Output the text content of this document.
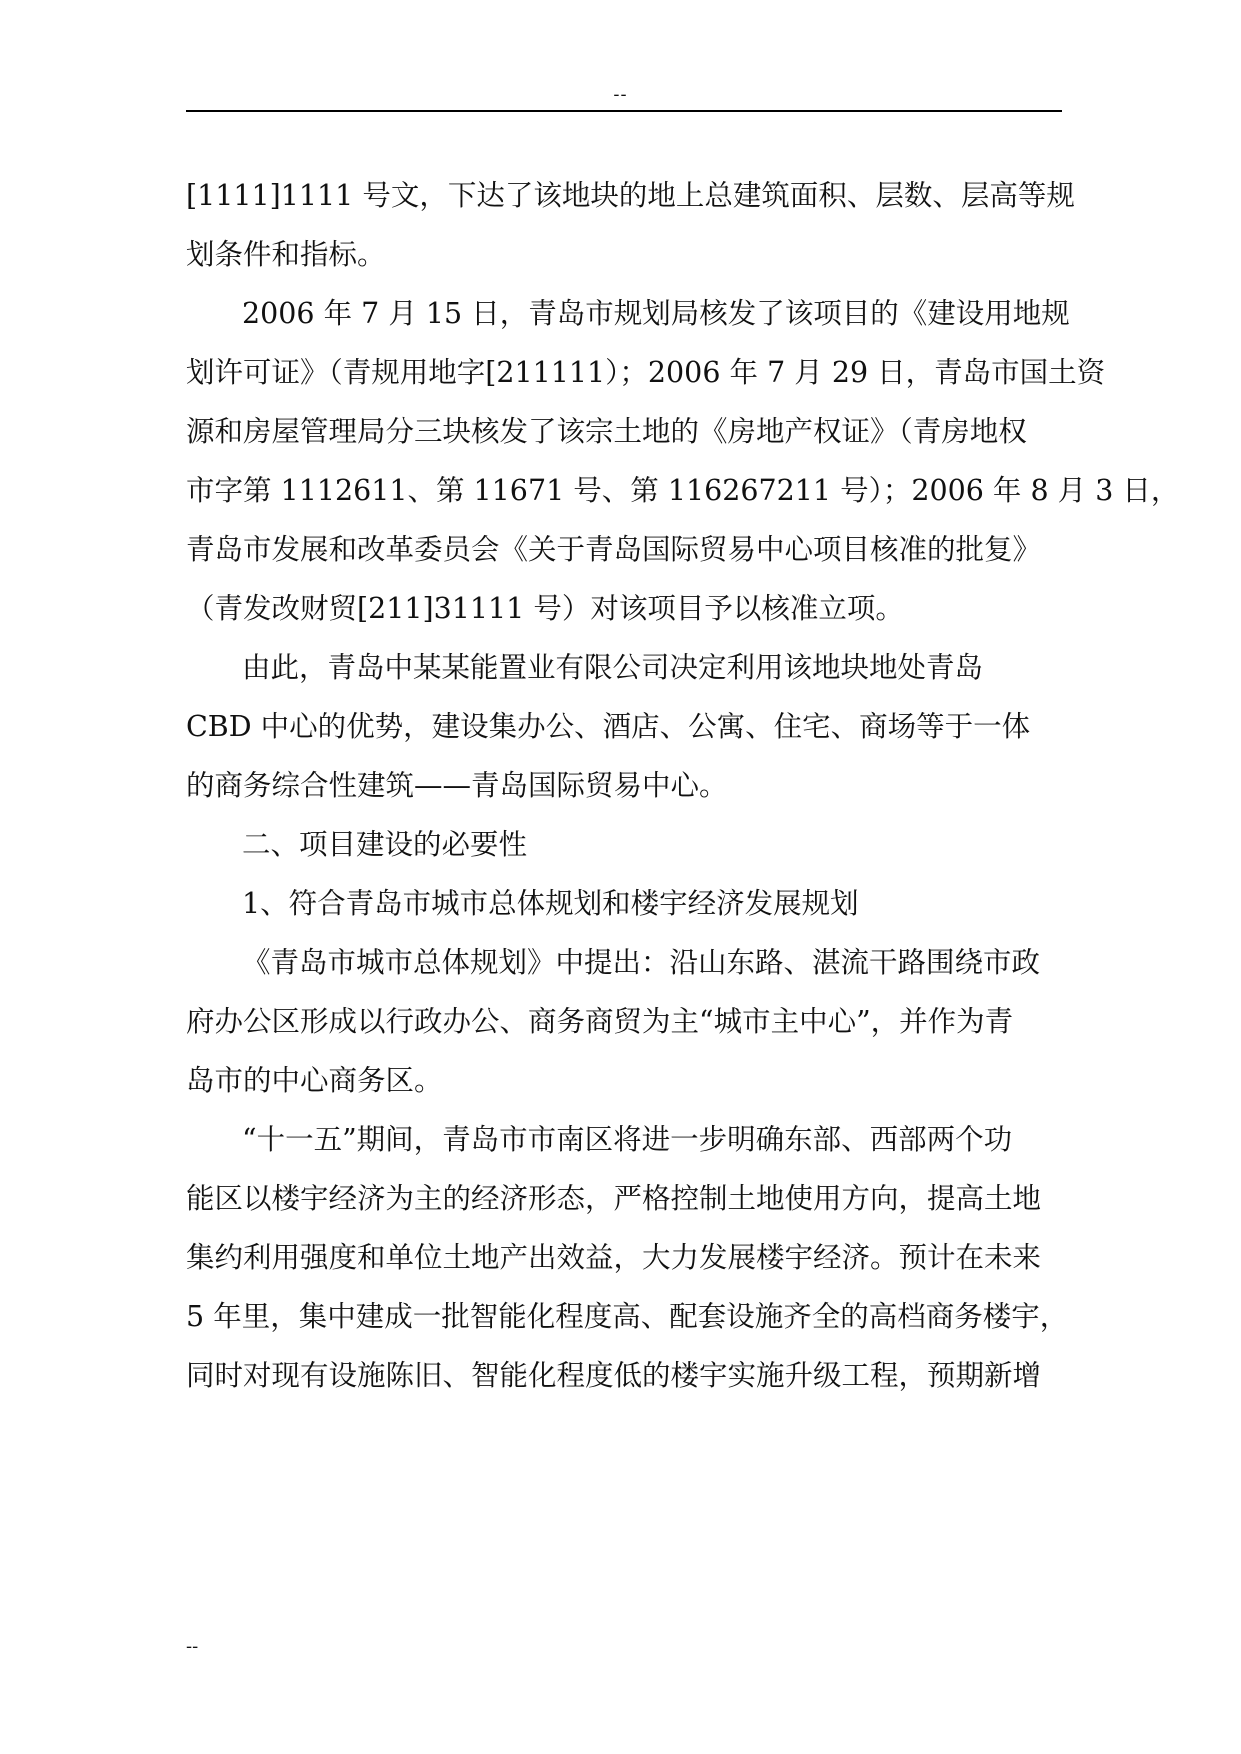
--
[1111]1111 号文，下达了该地块的地上总建筑面积、层数、层高等规
划条件和指标。
2006 年 7 月 15 日，青岛市规划局核发了该项目的《建设用地规
划许可证》（青规用地字[211111）；2006 年 7 月 29 日，青岛市国土资
源和房屋管理局分三块核发了该宗土地的《房地产权证》（青房地权
市字第 1112611、第 11671 号、第 116267211 号）；2006 年 8 月 3 日，
青岛市发展和改革委员会《关于青岛国际贸易中心项目核准的批复》
（青发改财贸[211]31111 号）对该项目予以核准立项。
由此，青岛中某某能置业有限公司决定利用该地块地处青岛
CBD 中心的优势，建设集办公、酒店、公寓、住宅、商场等于一体
的商务综合性建筑——青岛国际贸易中心。
二、项目建设的必要性
1、符合青岛市城市总体规划和楼宇经济发展规划
《青岛市城市总体规划》中提出：沿山东路、湛流干路围绕市政
府办公区形成以行政办公、商务商贸为主“城市主中心”，并作为青
岛市的中心商务区。
“十一五”期间，青岛市市南区将进一步明确东部、西部两个功
能区以楼宇经济为主的经济形态，严格控制土地使用方向，提高土地
集约利用强度和单位土地产出效益，大力发展楼宇经济。预计在未来
5 年里，集中建成一批智能化程度高、配套设施齐全的高档商务楼宇，
同时对现有设施陈旧、智能化程度低的楼宇实施升级工程，预期新增
--
